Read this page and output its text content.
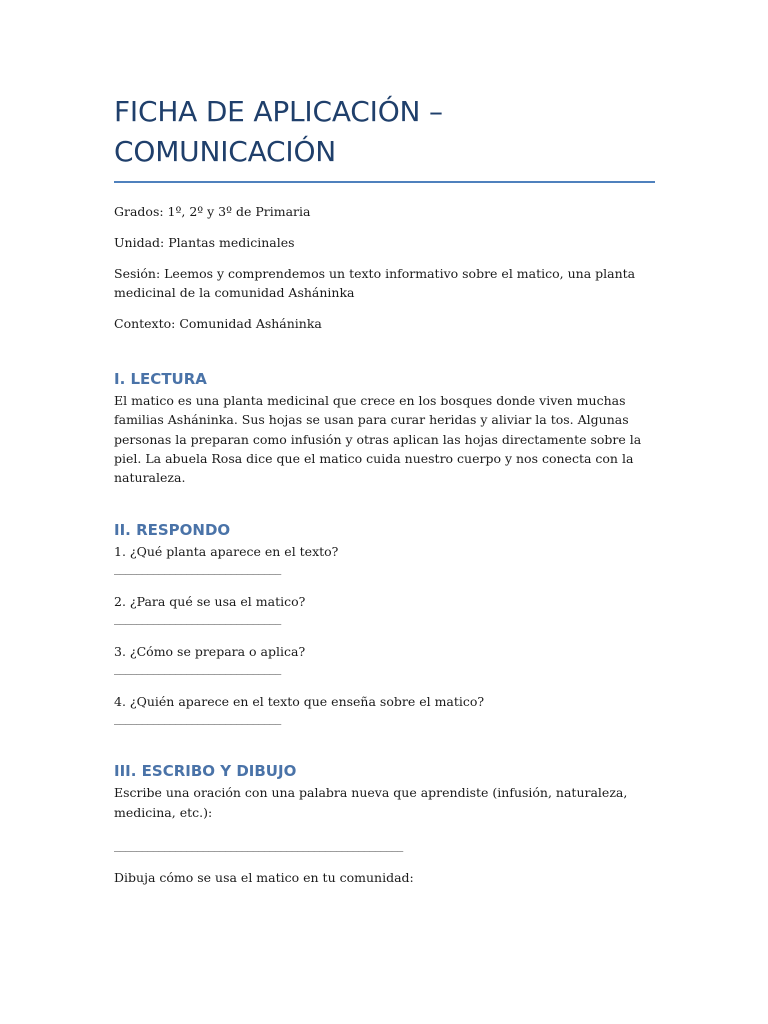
FICHA DE APLICACIÓN – COMUNICACIÓN

Grados: 1º, 2º y 3º de Primaria

Unidad: Plantas medicinales

Sesión: Leemos y comprendemos un texto informativo sobre el matico, una planta medicinal de la comunidad Asháninka

Contexto: Comunidad Asháninka

I. LECTURA

El matico es una planta medicinal que crece en los bosques donde viven muchas familias Asháninka. Sus hojas se usan para curar heridas y aliviar la tos. Algunas personas la preparan como infusión y otras aplican las hojas directamente sobre la piel. La abuela Rosa dice que el matico cuida nuestro cuerpo y nos conecta con la naturaleza.

II. RESPONDO

1. ¿Qué planta aparece en el texto?

______________________________

2. ¿Para qué se usa el matico?

______________________________

3. ¿Cómo se prepara o aplica?

______________________________

4. ¿Quién aparece en el texto que enseña sobre el matico?

______________________________

III. ESCRIBO Y DIBUJO

Escribe una oración con una palabra nueva que aprendiste (infusión, naturaleza, medicina, etc.):

____________________________________________________

Dibuja cómo se usa el matico en tu comunidad:
